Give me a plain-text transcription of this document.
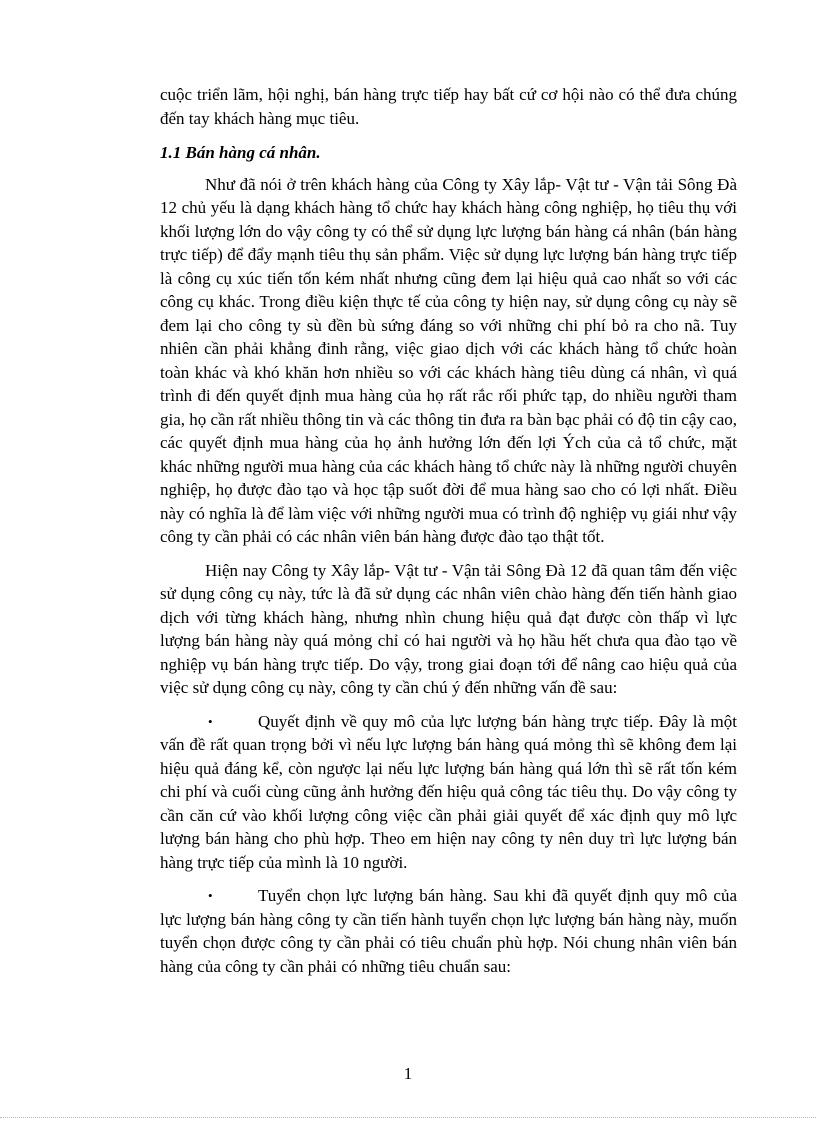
cuộc triển lãm, hội nghị, bán hàng trực tiếp hay bất cứ cơ hội nào có thể đưa chúng đến tay khách hàng mục tiêu.

1.1 Bán hàng cá nhân.

Như đã nói ở trên khách hàng của Công ty Xây lắp- Vật tư - Vận tải Sông Đà 12 chủ yếu là dạng khách hàng tổ chức hay khách hàng công nghiệp, họ tiêu thụ với khối lượng lớn do vậy công ty có thể sử dụng lực lượng bán hàng cá nhân (bán hàng trực tiếp) để đẩy mạnh tiêu thụ sản phẩm. Việc sử dụng lực lượng bán hàng trực tiếp là công cụ xúc tiến tốn kém nhất nhưng cũng đem lại hiệu quả cao nhất so với các công cụ khác. Trong điều kiện thực tế của công ty hiện nay, sử dụng công cụ này sẽ đem lại cho công ty sù đền bù sứng đáng so với những chi phí bỏ ra cho nã. Tuy nhiên cần phải khẳng đinh rằng, việc giao dịch với các khách hàng tổ chức hoàn toàn khác và khó khăn hơn nhiều so với các khách hàng tiêu dùng cá nhân, vì quá trình đi đến quyết định mua hàng của họ rất rắc rối phức tạp, do nhiều người tham gia, họ cần rất nhiều thông tin và các thông tin đưa ra bàn bạc phải có độ tin cậy cao, các quyết định mua hàng của họ ảnh hưởng lớn đến lợi Ých của cả tổ chức, mặt khác những người mua hàng của các khách hàng tổ chức này là những người chuyên nghiệp, họ được đào tạo và học tập suốt đời để mua hàng sao cho có lợi nhất. Điều này có nghĩa là để làm việc với những người mua có trình độ nghiệp vụ giái như vậy công ty cần phải có các nhân viên bán hàng được đào tạo thật tốt.

Hiện nay Công ty Xây lắp- Vật tư - Vận tải Sông Đà 12 đã quan tâm đến việc sử dụng công cụ này, tức là đã sử dụng các nhân viên chào hàng đến tiến hành giao dịch với từng khách hàng, nhưng nhìn chung hiệu quả đạt được còn thấp vì lực lượng bán hàng này quá mỏng chỉ có hai người và họ hầu hết chưa qua đào tạo về nghiệp vụ bán hàng trực tiếp. Do vậy, trong giai đoạn tới để nâng cao hiệu quả của việc sử dụng công cụ này, công ty cần chú ý đến những vấn đề sau:

•	Quyết định về quy mô của lực lượng bán hàng trực tiếp. Đây là một vấn đề rất quan trọng bởi vì nếu lực lượng bán hàng quá mỏng thì sẽ không đem lại hiệu quả đáng kể, còn ngược lại nếu lực lượng bán hàng quá lớn thì sẽ rất tốn kém chi phí và cuối cùng cũng ảnh hưởng đến hiệu quả công tác tiêu thụ. Do vậy công ty cần căn cứ vào khối lượng công việc cần phải giải quyết để xác định quy mô lực lượng bán hàng cho phù hợp. Theo em hiện nay công ty nên duy trì lực lượng bán hàng trực tiếp của mình là 10 người.

•	Tuyển chọn lực lượng bán hàng. Sau khi đã quyết định quy mô của lực lượng bán hàng công ty cần tiến hành tuyển chọn lực lượng bán hàng này, muốn tuyển chọn được công ty cần phải có tiêu chuẩn phù hợp. Nói chung nhân viên bán hàng của công ty cần phải có những tiêu chuẩn sau:

1
